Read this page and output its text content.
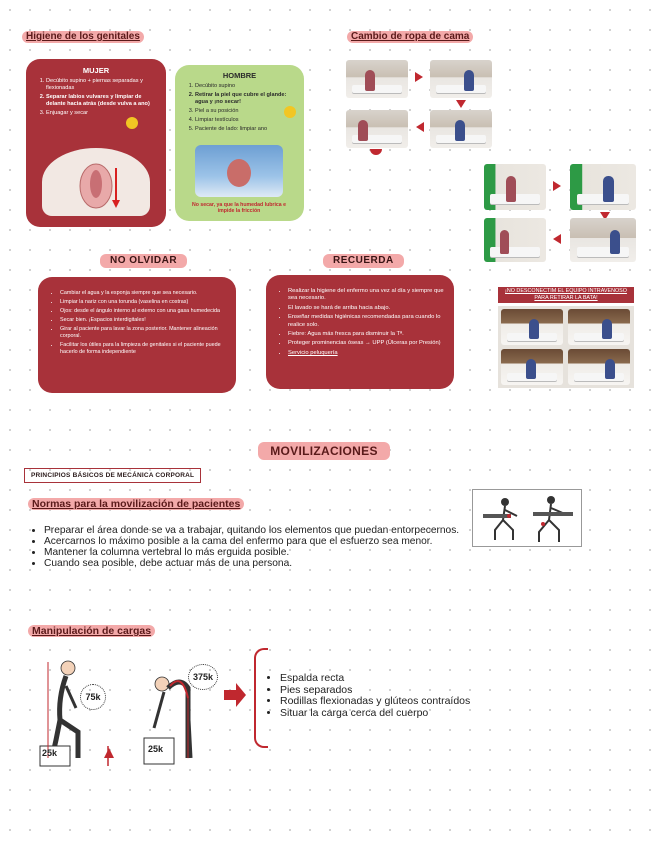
Higiene de los genitales
MUJER
1. Decúbito supino + piernas separadas y flexionadas
2. Separar labios vulvares y limpiar de delante hacia atrás (desde vulva a ano)
3. Enjuagar y secar
HOMBRE
1. Decúbito supino
2. Retirar la piel que cubre el glande: agua y ¡no secar!
3. Piel a su posición
4. Limpiar testículos
5. Paciente de lado: limpiar ano
No secar, ya que la humedad lubrica e impide la fricción
Cambio de ropa de cama
NO OLVIDAR
• Cambiar el agua y la esponja siempre que sea necesario.
• Limpiar la nariz con una torunda (vaselina en costras)
• Ojos: desde el ángulo interno al externo con una gasa humedecida
• Secar bien. ¡Espacios interdigitales!
• Girar al paciente para lavar la zona posterior. Mantener alineación corporal.
• Facilitar los útiles para la limpieza de genitales si el paciente puede hacerlo de forma independiente
RECUERDA
• Realizar la higiene del enfermo una vez al día y siempre que sea necesario.
• El lavado se hará de arriba hacia abajo.
• Enseñar medidas higiénicas recomendadas para cuando lo realice solo.
• Fiebre: Agua más fresca para disminuir la Tª.
• Proteger prominencias óseas → UPP (Úlceras por Presión)
• Servicio peluquería
¡NO DESCONECTIM EL EQUIPO INTRAVENOSO PARA RETIRAR LA BATA!
MOVILIZACIONES
PRINCIPIOS BÁSICOS DE MECÁNICA CORPORAL
Normas para la movilización de pacientes
• Preparar el área donde se va a trabajar, quitando los elementos que puedan entorpecernos.
• Acercarnos lo máximo posible a la cama del enfermo para que el esfuerzo sea menor.
• Mantener la columna vertebral lo más erguida posible.
• Cuando sea posible, debe actuar más de una persona.
Manipulación de cargas
75k
25k
375k
25k
• Espalda recta
• Pies separados
• Rodillas flexionadas y glúteos contraídos
• Situar la carga cerca del cuerpo
